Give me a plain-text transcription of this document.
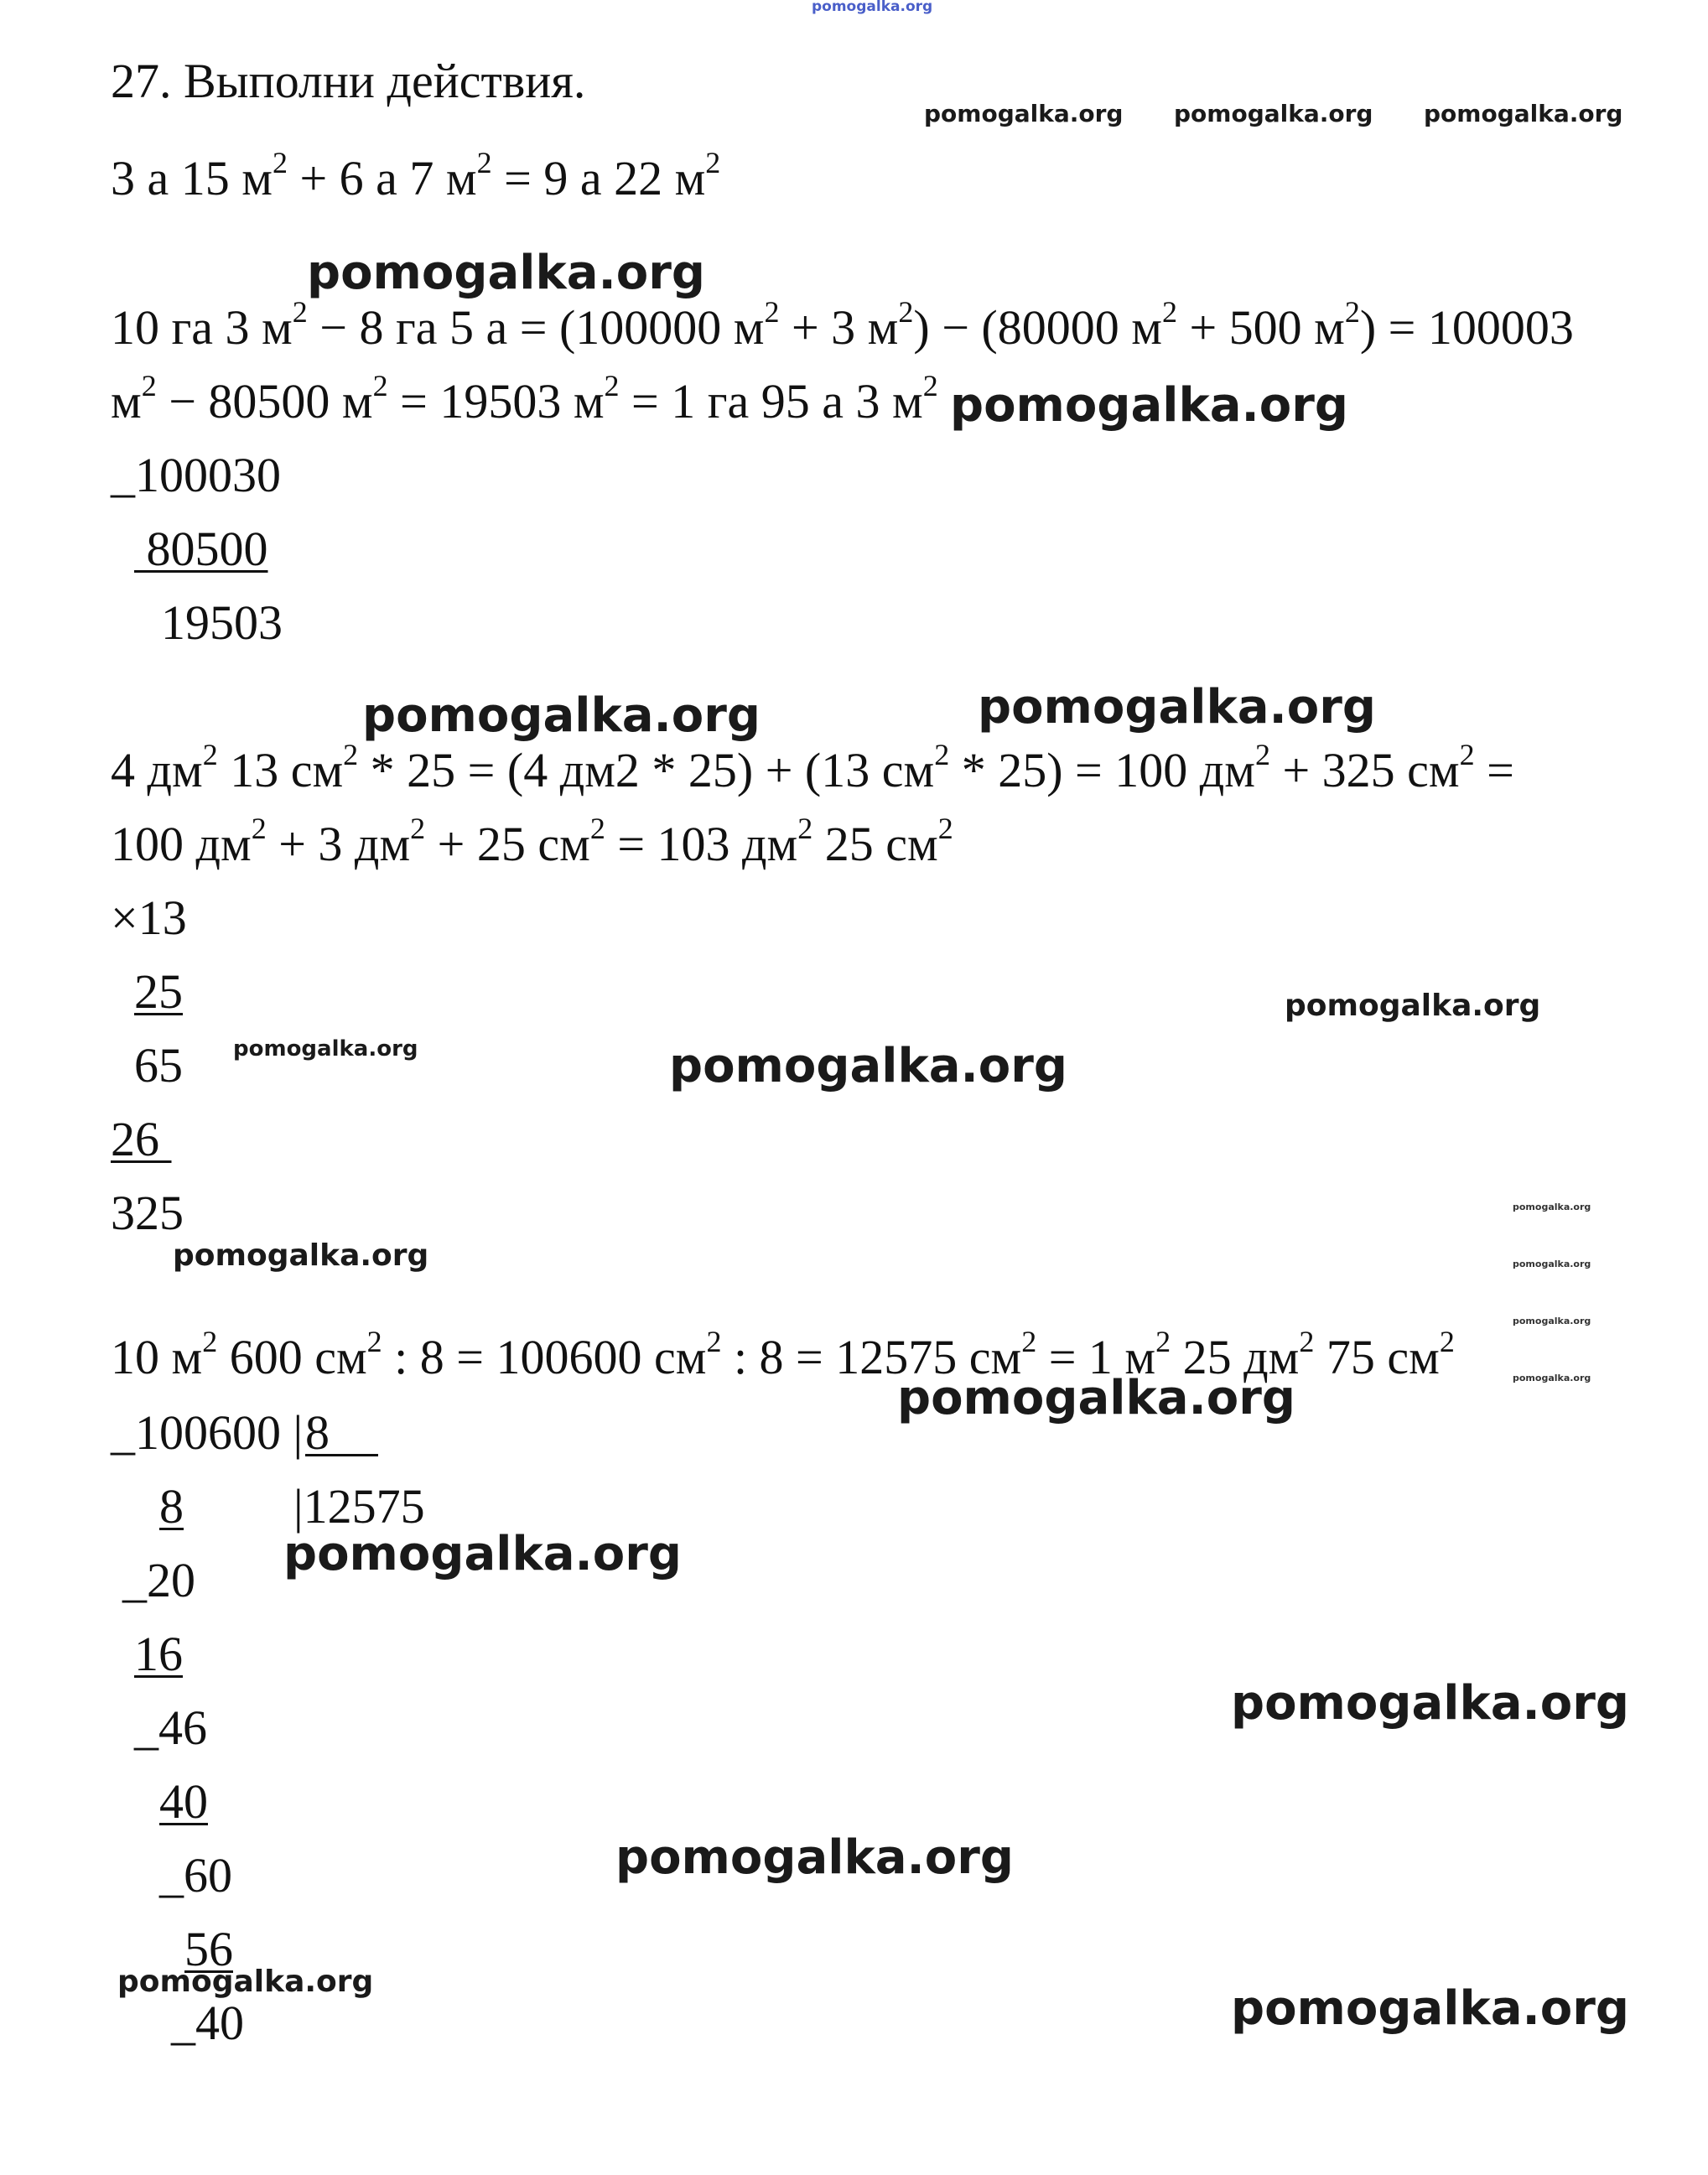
pomogalka.org
27. Выполни действия.
pomogalka.org pomogalka.org pomogalka.org
3 а 15 $м^2 + 6$ а 7 $м^2 = 9$ а 22 $м^2$
pomogalka.org
10 га 3 $м^2 - 8$ га 5 а = (100000 $м^2 + 3$ $м^2) - (80000$ $м^2 + 500$ $м^2) = 100003$
$м^2 - 80500$ $м^2 = 19503$ $м^2 = 1$ га 95 а 3 $м^2$ pomogalka.org
_100030
80500
19503
pomogalka.org	pomogalka.org
4 $дм^2$ 13 $см^2 * 25 = (4$ дм2 * 25) + (13 $см^2 * 25) = 100$ $дм^2 + 325$ $см^2$ =
100 $дм^2 + 3$ $дм^2 + 25$ $см^2 = 103$ $дм^2$ 25 $см^2$
×13
25
65 pomogalka.org	pomogalka.org
pomogalka.org
26
325
pomogalka.org
pomogalka.org
pomogalka.org
pomogalka.org
pomogalka.org
10 $м^2$ 600 $см^2$ : 8 = 100600 $см^2$ : 8 = 12575 $см^2 = 1$ $м^2$ 25 $дм^2$ 75 $см^2$
pomogalka.org
_100600 | 8
|12575
8
pomogalka.org
_20
16
pomogalka.org
_46
40
_60	pomogalka.org
56
pomogalka.org
_40	pomogalka.org
